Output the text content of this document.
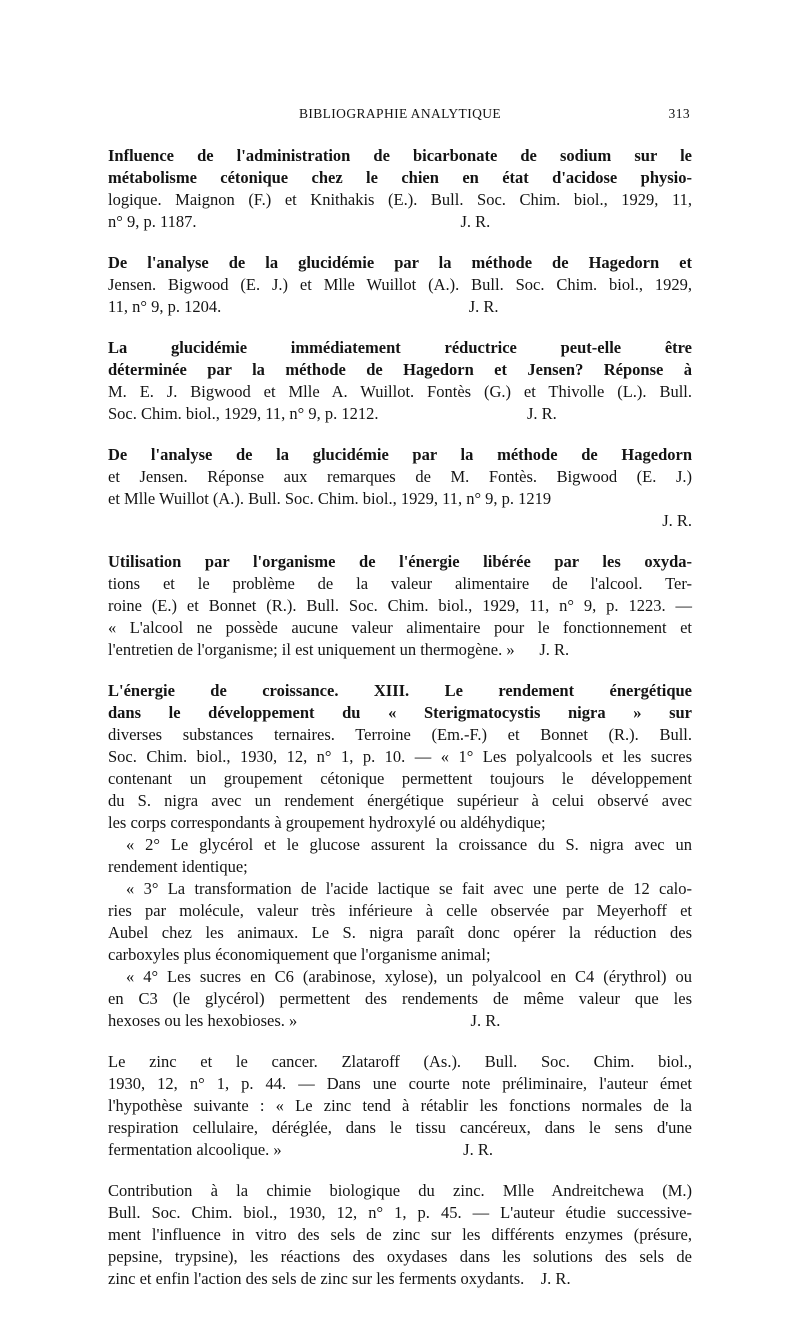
BIBLIOGRAPHIE ANALYTIQUE	313
Influence de l'administration de bicarbonate de sodium sur le
métabolisme cétonique chez le chien en état d'acidose physio-
logique. Maignon (F.) et Knithakis (E.). Bull. Soc. Chim. biol., 1929, 11,
n° 9, p. 1187.                                                                J. R.
De l'analyse de la glucidémie par la méthode de Hagedorn et
Jensen. Bigwood (E. J.) et Mlle Wuillot (A.). Bull. Soc. Chim. biol., 1929,
11, n° 9, p. 1204.                                                            J. R.
La glucidémie immédiatement réductrice peut-elle être
déterminée par la méthode de Hagedorn et Jensen? Réponse à
M. E. J. Bigwood et Mlle A. Wuillot. Fontès (G.) et Thivolle (L.). Bull.
Soc. Chim. biol., 1929, 11, n° 9, p. 1212.                                    J. R.
De l'analyse de la glucidémie par la méthode de Hagedorn
et Jensen. Réponse aux remarques de M. Fontès. Bigwood (E. J.)
et Mlle Wuillot (A.). Bull. Soc. Chim. biol., 1929, 11, n° 9, p. 1219
J. R.
Utilisation par l'organisme de l'énergie libérée par les oxyda-
tions et le problème de la valeur alimentaire de l'alcool. Ter-
roine (E.) et Bonnet (R.). Bull. Soc. Chim. biol., 1929, 11, n° 9, p. 1223. —
« L'alcool ne possède aucune valeur alimentaire pour le fonctionnement et
l'entretien de l'organisme; il est uniquement un thermogène. »      J. R.
L'énergie de croissance. XIII. Le rendement énergétique
dans le développement du « Sterigmatocystis nigra » sur
diverses substances ternaires. Terroine (Em.-F.) et Bonnet (R.). Bull.
Soc. Chim. biol., 1930, 12, n° 1, p. 10. — « 1° Les polyalcools et les sucres
contenant un groupement cétonique permettent toujours le développement
du S. nigra avec un rendement énergétique supérieur à celui observé avec
les corps correspondants à groupement hydroxylé ou aldéhydique;
« 2° Le glycérol et le glucose assurent la croissance du S. nigra avec un
rendement identique;
« 3° La transformation de l'acide lactique se fait avec une perte de 12 calo-
ries par molécule, valeur très inférieure à celle observée par Meyerhoff et
Aubel chez les animaux. Le S. nigra paraît donc opérer la réduction des
carboxyles plus économiquement que l'organisme animal;
« 4° Les sucres en C6 (arabinose, xylose), un polyalcool en C4 (érythrol) ou
en C3 (le glycérol) permettent des rendements de même valeur que les
hexoses ou les hexobioses. »                                          J. R.
Le zinc et le cancer. Zlataroff (As.). Bull. Soc. Chim. biol.,
1930, 12, n° 1, p. 44. — Dans une courte note préliminaire, l'auteur émet
l'hypothèse suivante : « Le zinc tend à rétablir les fonctions normales de la
respiration cellulaire, déréglée, dans le tissu cancéreux, dans le sens d'une
fermentation alcoolique. »                                            J. R.
Contribution à la chimie biologique du zinc. Mlle Andreitchewa (M.)
Bull. Soc. Chim. biol., 1930, 12, n° 1, p. 45. — L'auteur étudie successive-
ment l'influence in vitro des sels de zinc sur les différents enzymes (présure,
pepsine, trypsine), les réactions des oxydases dans les solutions des sels de
zinc et enfin l'action des sels de zinc sur les ferments oxydants.    J. R.
